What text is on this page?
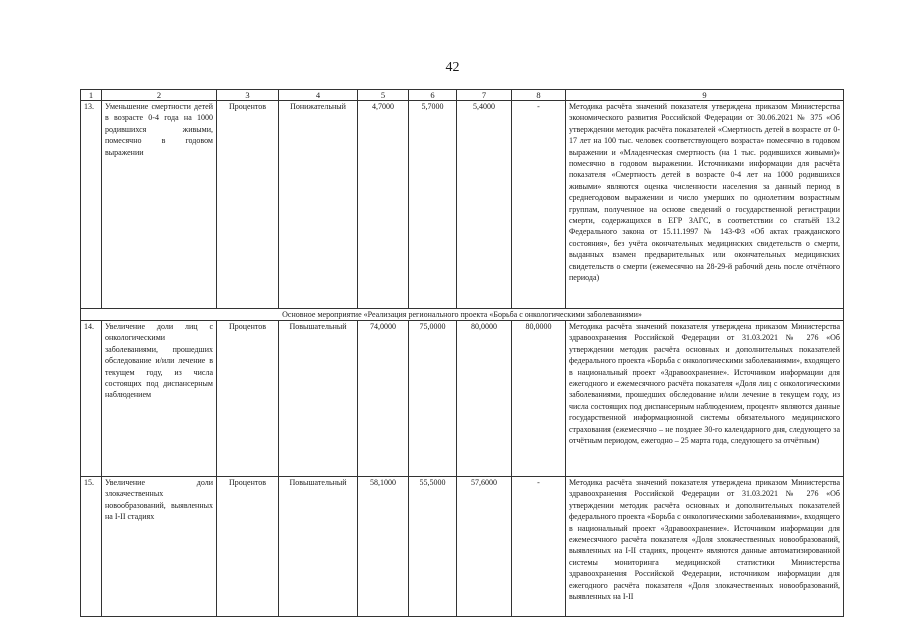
42
1	2	3	4	5	6	7	8	9
13.	Уменьшение смертности детей в возрасте 0-4 года на 1000 родившихся живыми, помесячно в годовом выражении	Процентов	Понижательный	4,7000	5,7000	5,4000	-	Методика расчёта значений показателя утверждена приказом Министерства экономического развития Российской Федерации от 30.06.2021 № 375 «Об утверждении методик расчёта показателей «Смертность детей в возрасте от 0-17 лет на 100 тыс. человек соответствующего возраста» помесячно в годовом выражении и «Младенческая смертность (на 1 тыс. родившихся живыми)» помесячно в годовом выражении. Источниками информации для расчёта показателя «Смертность детей в возрасте 0-4 лет на 1000 родившихся живыми» являются оценка численности населения за данный период в среднегодовом выражении и число умерших по однолетним возрастным группам, полученное на основе сведений о государственной регистрации смерти, содержащихся в ЕГР ЗАГС, в соответствии со статьёй 13.2 Федерального закона от 15.11.1997 № 143-ФЗ «Об актах гражданского состояния», без учёта окончательных медицинских свидетельств о смерти, выданных взамен предварительных или окончательных медицинских свидетельств о смерти (ежемесячно на 28-29-й рабочий день после отчётного периода)
Основное мероприятие «Реализация регионального проекта «Борьба с онкологическими заболеваниями»								
14.	Увеличение доли лиц с онкологическими заболеваниями, прошедших обследование и/или лечение в текущем году, из числа состоящих под диспансерным наблюдением	Процентов	Повышательный	74,0000	75,0000	80,0000	80,0000	Методика расчёта значений показателя утверждена приказом Министерства здравоохранения Российской Федерации от 31.03.2021 № 276 «Об утверждении методик расчёта основных и дополнительных показателей федерального проекта «Борьба с онкологическими заболеваниями», входящего в национальный проект «Здравоохранение». Источником информации для ежегодного и ежемесячного расчёта показателя «Доля лиц с онкологическими заболеваниями, прошедших обследование и/или лечение в текущем году, из числа состоящих под диспансерным наблюдением, процент» являются данные государственной информационной системы обязательного медицинского страхования (ежемесячно – не позднее 30-го календарного дня, следующего за отчётным периодом, ежегодно – 25 марта года, следующего за отчётным)
15.	Увеличение доли злокачественных новообразований, выявленных на I-II стадиях	Процентов	Повышательный	58,1000	55,5000	57,6000	-	Методика расчёта значений показателя утверждена приказом Министерства здравоохранения Российской Федерации от 31.03.2021 № 276 «Об утверждении методик расчёта основных и дополнительных показателей федерального проекта «Борьба с онкологическими заболеваниями», входящего в национальный проект «Здравоохранение». Источником информации для ежемесячного расчёта показателя «Доля злокачественных новообразований, выявленных на I-II стадиях, процент» являются данные автоматизированной системы мониторинга медицинской статистики Министерства здравоохранения Российской Федерации, источником информации для ежегодного расчёта показателя «Доля злокачественных новообразований, выявленных на I-II
